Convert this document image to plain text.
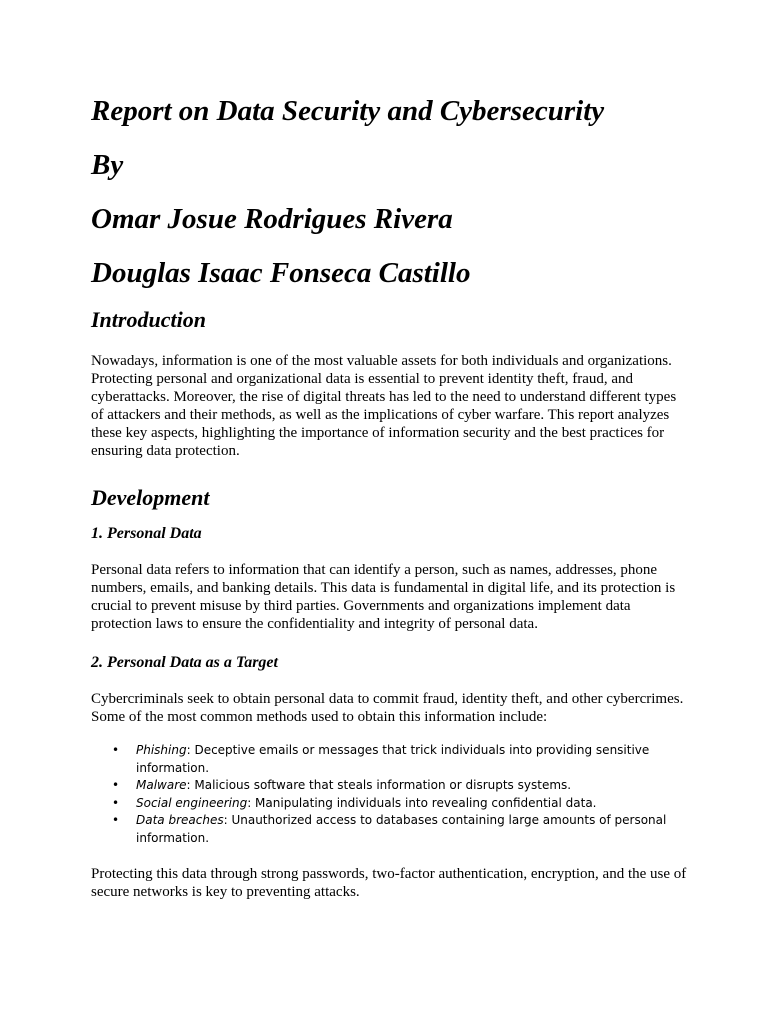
Report on Data Security and Cybersecurity
By
Omar Josue Rodrigues Rivera
Douglas Isaac Fonseca Castillo
Introduction

Nowadays, information is one of the most valuable assets for both individuals and organizations. Protecting personal and organizational data is essential to prevent identity theft, fraud, and cyberattacks. Moreover, the rise of digital threats has led to the need to understand different types of attackers and their methods, as well as the implications of cyber warfare. This report analyzes these key aspects, highlighting the importance of information security and the best practices for ensuring data protection.

Development
1. Personal Data

Personal data refers to information that can identify a person, such as names, addresses, phone numbers, emails, and banking details. This data is fundamental in digital life, and its protection is crucial to prevent misuse by third parties. Governments and organizations implement data protection laws to ensure the confidentiality and integrity of personal data.

2. Personal Data as a Target

Cybercriminals seek to obtain personal data to commit fraud, identity theft, and other cybercrimes. Some of the most common methods used to obtain this information include:

• Phishing: Deceptive emails or messages that trick individuals into providing sensitive information.
• Malware: Malicious software that steals information or disrupts systems.
• Social engineering: Manipulating individuals into revealing confidential data.
• Data breaches: Unauthorized access to databases containing large amounts of personal information.

Protecting this data through strong passwords, two-factor authentication, encryption, and the use of secure networks is key to preventing attacks.
